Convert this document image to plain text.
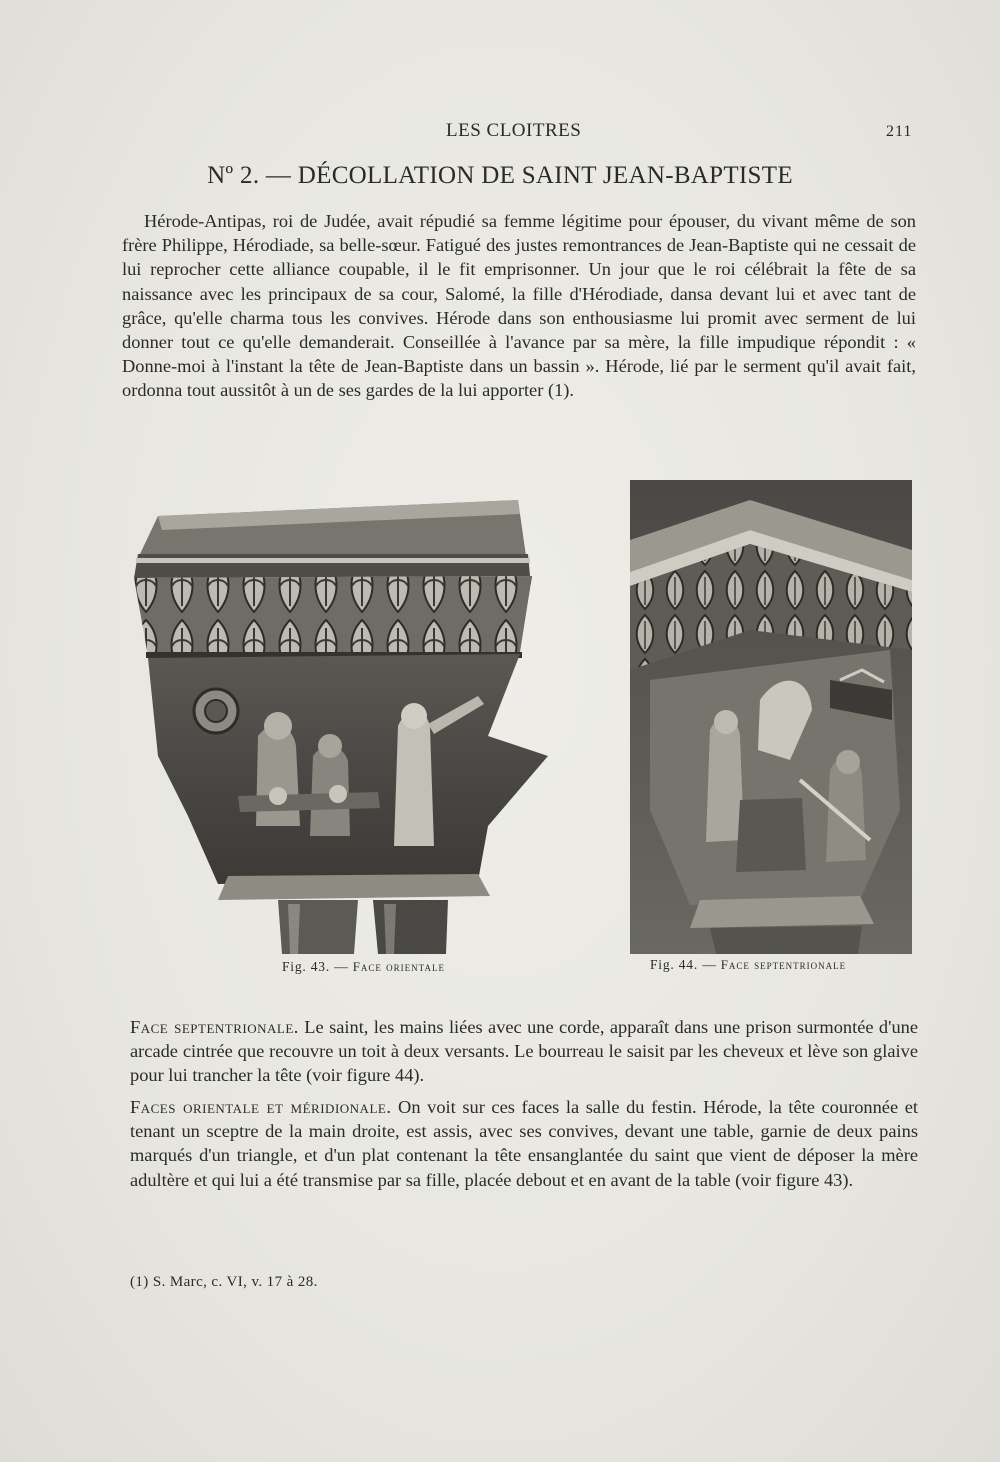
LES CLOITRES	211
Nº 2. — DÉCOLLATION DE SAINT JEAN-BAPTISTE
Hérode-Antipas, roi de Judée, avait répudié sa femme légitime pour épouser, du vivant même de son frère Philippe, Hérodiade, sa belle-sœur. Fatigué des justes remontrances de Jean-Baptiste qui ne cessait de lui reprocher cette alliance coupable, il le fit emprisonner. Un jour que le roi célébrait la fête de sa naissance avec les principaux de sa cour, Salomé, la fille d'Hérodiade, dansa devant lui et avec tant de grâce, qu'elle charma tous les convives. Hérode dans son enthousiasme lui promit avec serment de lui donner tout ce qu'elle demanderait. Conseillée à l'avance par sa mère, la fille impudique répondit : « Donne-moi à l'instant la tête de Jean-Baptiste dans un bassin ». Hérode, lié par le serment qu'il avait fait, ordonna tout aussitôt à un de ses gardes de la lui apporter (1).
Fig. 43. — Face orientale	Fig. 44. — Face septentrionale
Face septentrionale. Le saint, les mains liées avec une corde, apparaît dans une prison surmontée d'une arcade cintrée que recouvre un toit à deux versants. Le bourreau le saisit par les cheveux et lève son glaive pour lui trancher la tête (voir figure 44).
Faces orientale et méridionale. On voit sur ces faces la salle du festin. Hérode, la tête couronnée et tenant un sceptre de la main droite, est assis, avec ses convives, devant une table, garnie de deux pains marqués d'un triangle, et d'un plat contenant la tête ensanglantée du saint que vient de déposer la mère adultère et qui lui a été transmise par sa fille, placée debout et en avant de la table (voir figure 43).
(1) S. Marc, c. VI, v. 17 à 28.
